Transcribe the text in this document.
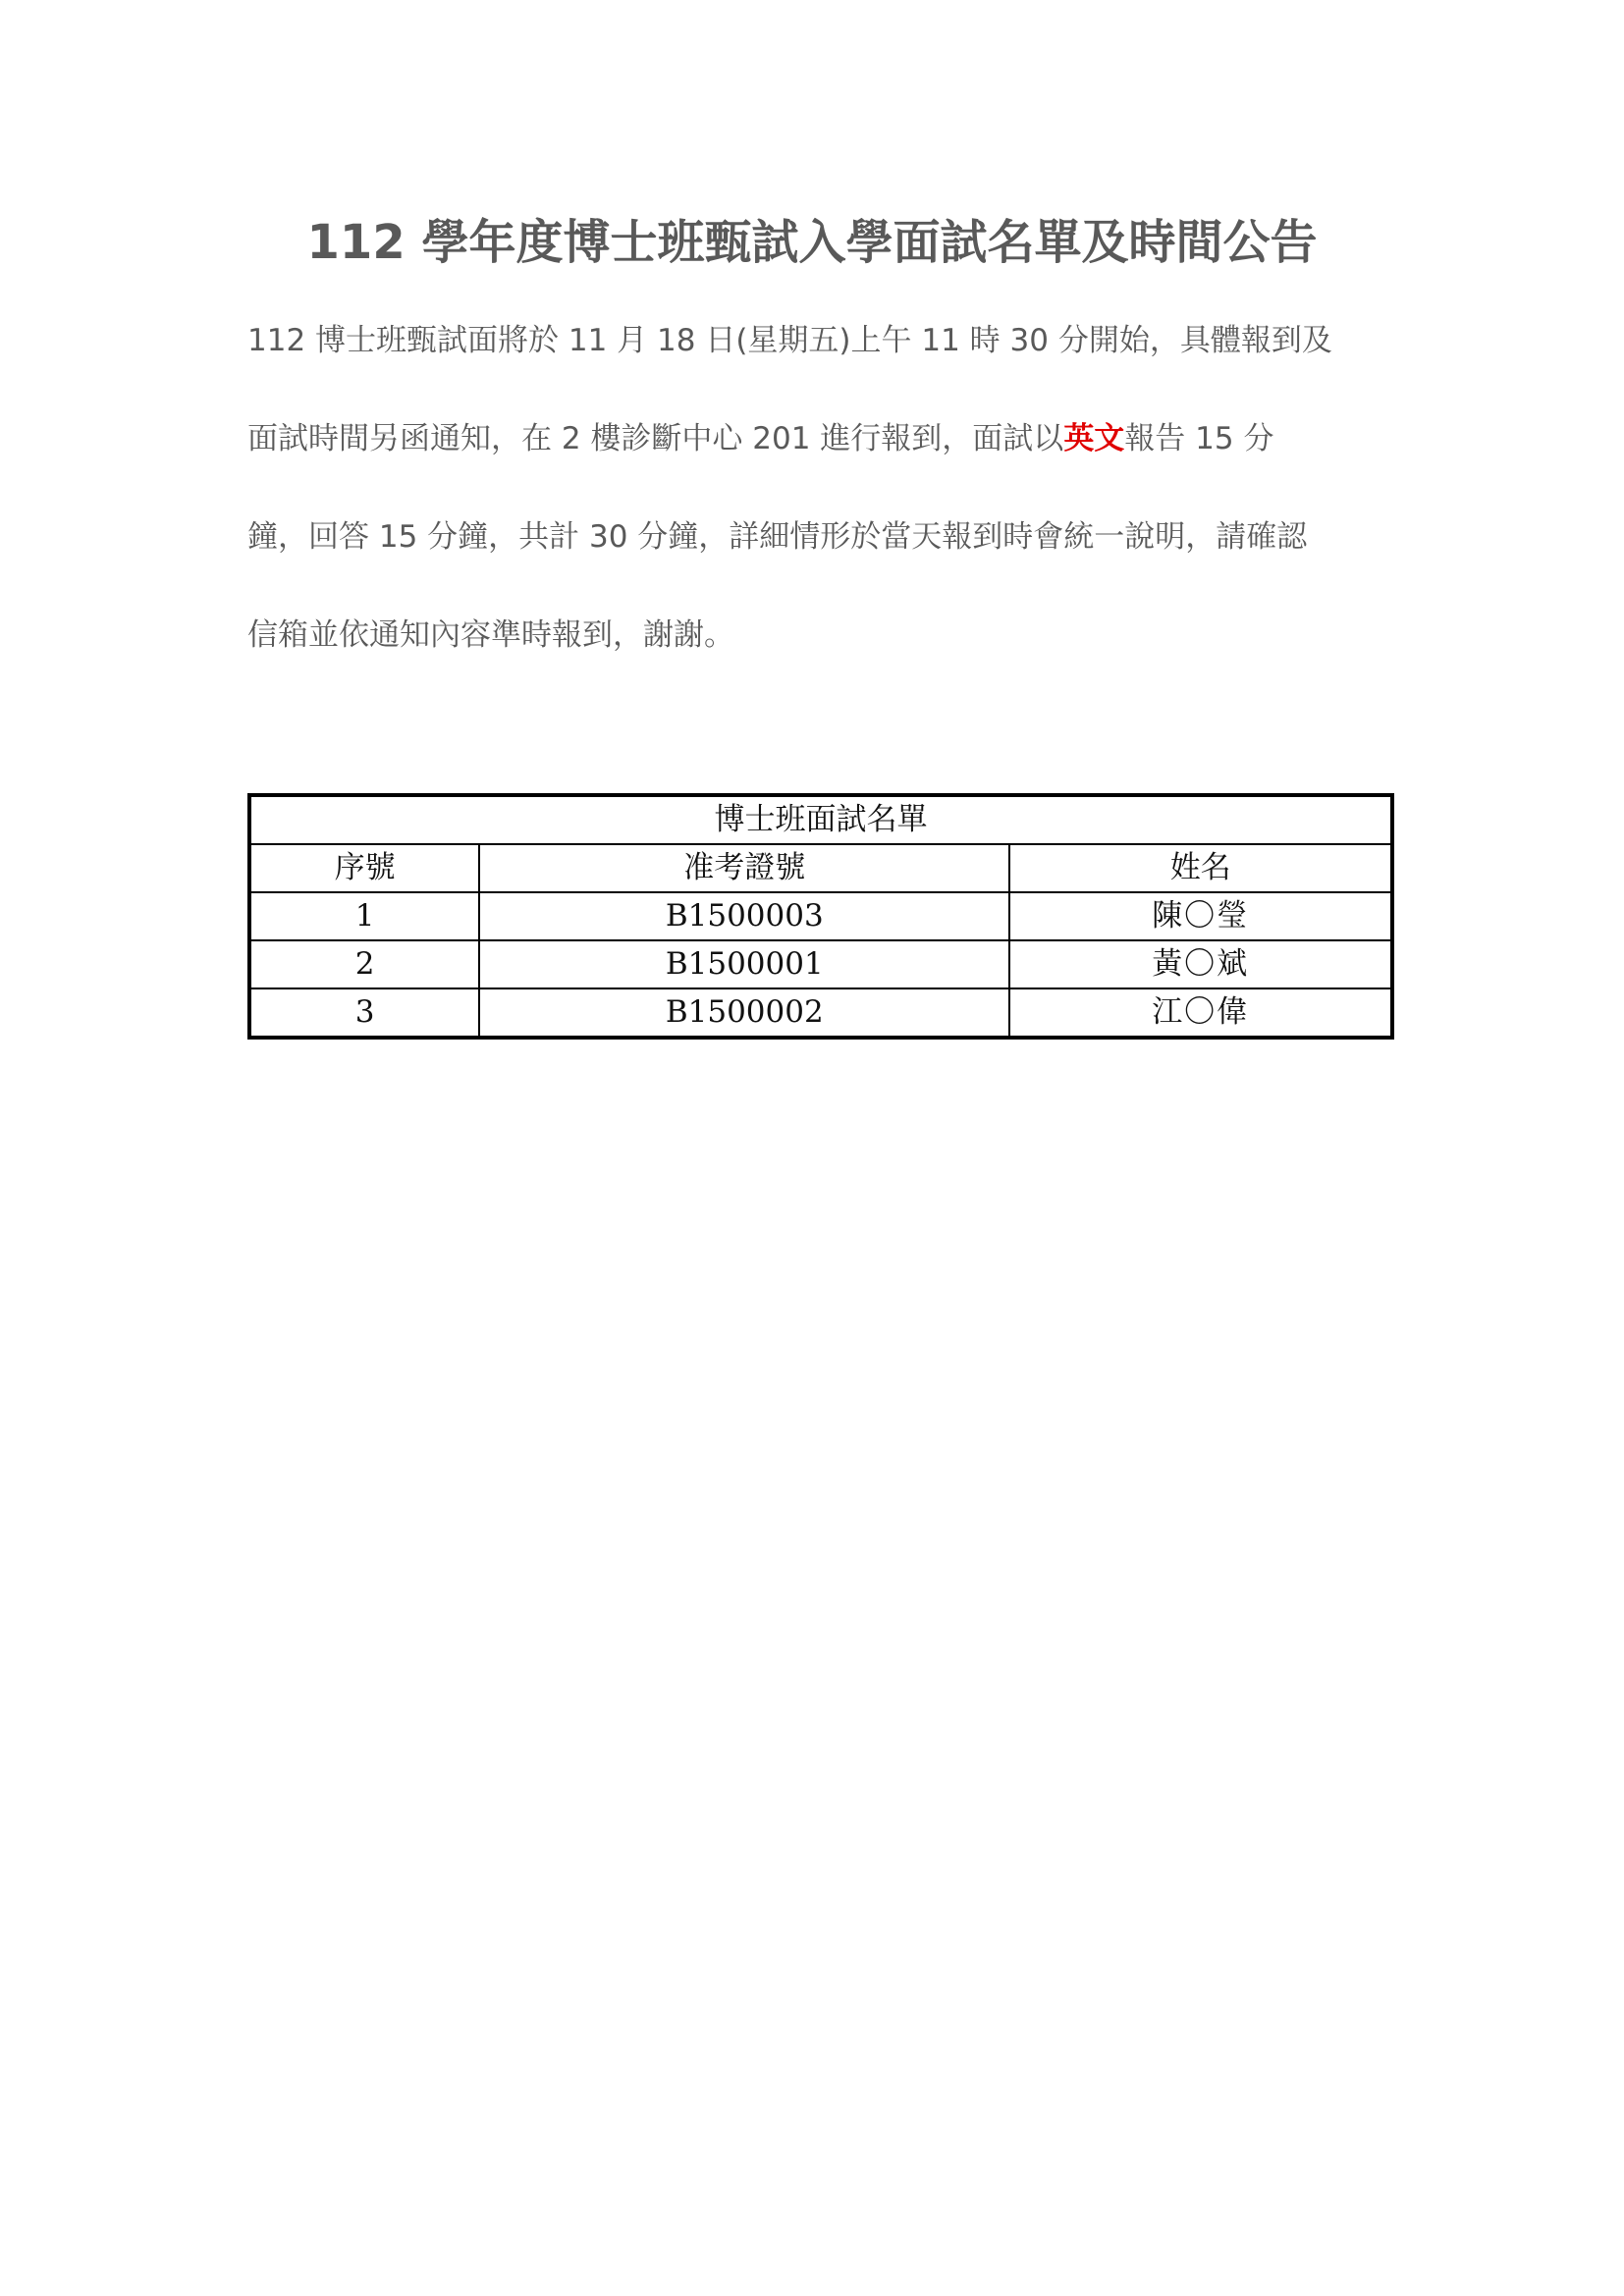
112 學年度博士班甄試入學面試名單及時間公告
112 博士班甄試面將於 11 月 18 日(星期五)上午 11 時 30 分開始，具體報到及
面試時間另函通知，在 2 樓診斷中心 201 進行報到，面試以英文報告 15 分
鐘，回答 15 分鐘，共計 30 分鐘，詳細情形於當天報到時會統一說明，請確認
信箱並依通知內容準時報到，謝謝。
博士班面試名單		
序號	准考證號	姓名
1	B1500003	陳〇瑩
2	B1500001	黃〇斌
3	B1500002	江〇偉
